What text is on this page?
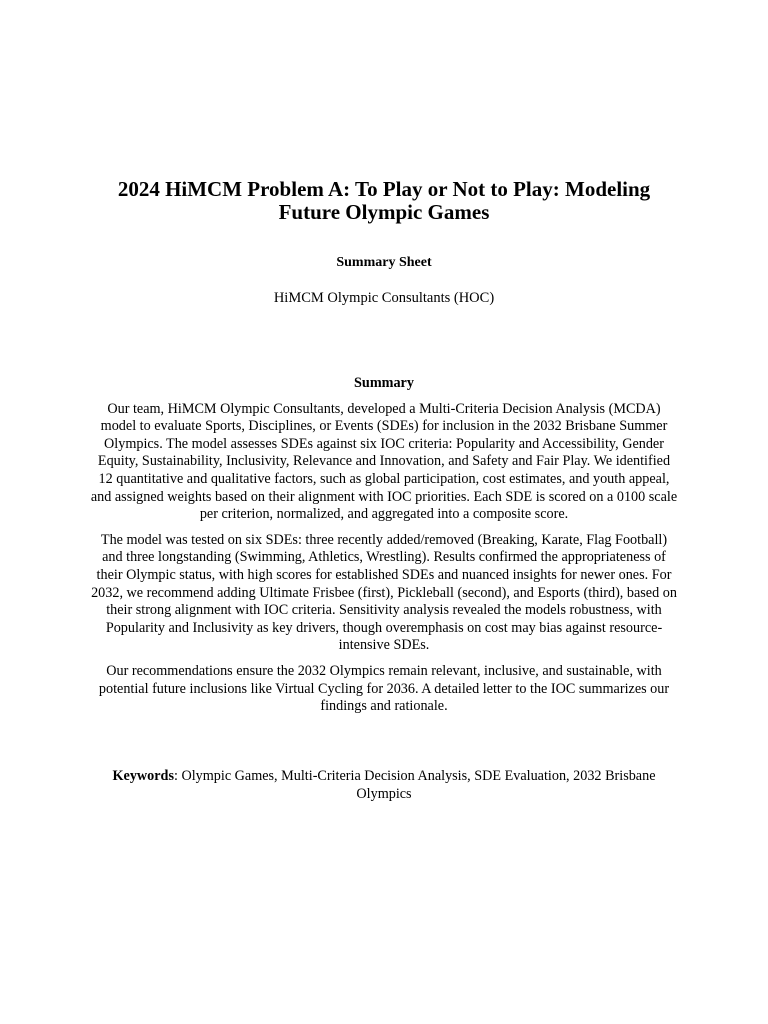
2024 HiMCM Problem A: To Play or Not to Play: Modeling Future Olympic Games
Summary Sheet

HiMCM Olympic Consultants (HOC)

Summary

Our team, HiMCM Olympic Consultants, developed a Multi-Criteria Decision Analysis (MCDA) model to evaluate Sports, Disciplines, or Events (SDEs) for inclusion in the 2032 Brisbane Summer Olympics. The model assesses SDEs against six IOC criteria: Popularity and Accessibility, Gender Equity, Sustainability, Inclusivity, Relevance and Innovation, and Safety and Fair Play. We identified 12 quantitative and qualitative factors, such as global participation, cost estimates, and youth appeal, and assigned weights based on their alignment with IOC priorities. Each SDE is scored on a 0100 scale per criterion, normalized, and aggregated into a composite score.

The model was tested on six SDEs: three recently added/removed (Breaking, Karate, Flag Football) and three longstanding (Swimming, Athletics, Wrestling). Results confirmed the appropriateness of their Olympic status, with high scores for established SDEs and nuanced insights for newer ones. For 2032, we recommend adding Ultimate Frisbee (first), Pickleball (second), and Esports (third), based on their strong alignment with IOC criteria. Sensitivity analysis revealed the models robustness, with Popularity and Inclusivity as key drivers, though overemphasis on cost may bias against resource-intensive SDEs.

Our recommendations ensure the 2032 Olympics remain relevant, inclusive, and sustainable, with potential future inclusions like Virtual Cycling for 2036. A detailed letter to the IOC summarizes our findings and rationale.

Keywords: Olympic Games, Multi-Criteria Decision Analysis, SDE Evaluation, 2032 Brisbane Olympics
